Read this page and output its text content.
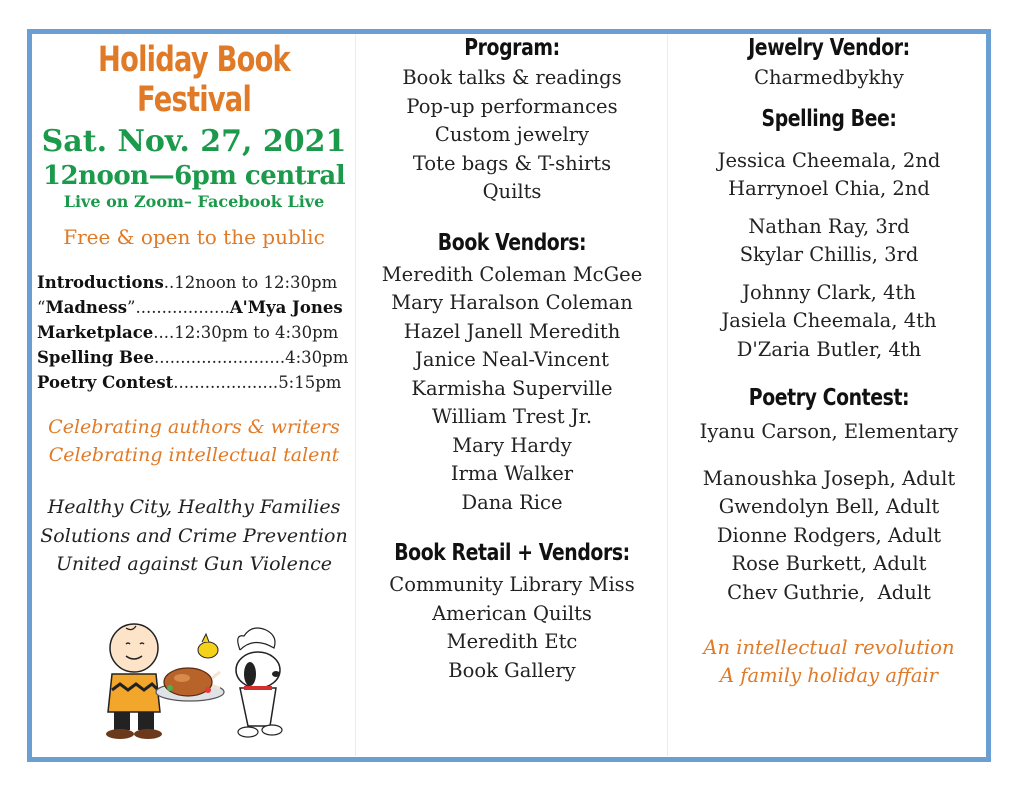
Holiday Book Festival
Sat. Nov. 27, 2021
12noon—6pm central
Live on Zoom– Facebook Live
Free & open to the public
Introductions..12noon to 12:30pm
“Madness”..................A'Mya Jones
Marketplace....12:30pm to 4:30pm
Spelling Bee.........................4:30pm
Poetry Contest....................5:15pm
Celebrating authors & writers
Celebrating intellectual talent
Healthy City, Healthy Families
Solutions and Crime Prevention
United against Gun Violence
Program:
Book talks & readings
Pop-up performances
Custom jewelry
Tote bags & T-shirts
Quilts
Book Vendors:
Meredith Coleman McGee
Mary Haralson Coleman
Hazel Janell Meredith
Janice Neal-Vincent
Karmisha Superville
William Trest Jr.
Mary Hardy
Irma Walker
Dana Rice
Book Retail + Vendors:
Community Library Miss
American Quilts
Meredith Etc
Book Gallery
Jewelry Vendor:
Charmedbykhy
Spelling Bee:
Jessica Cheemala, 2nd
Harrynoel Chia, 2nd
Nathan Ray, 3rd
Skylar Chillis, 3rd
Johnny Clark, 4th
Jasiela Cheemala, 4th
D'Zaria Butler, 4th
Poetry Contest:
Iyanu Carson, Elementary
Manoushka Joseph, Adult
Gwendolyn Bell, Adult
Dionne Rodgers, Adult
Rose Burkett, Adult
Chev Guthrie,  Adult
An intellectual revolution
A family holiday affair
